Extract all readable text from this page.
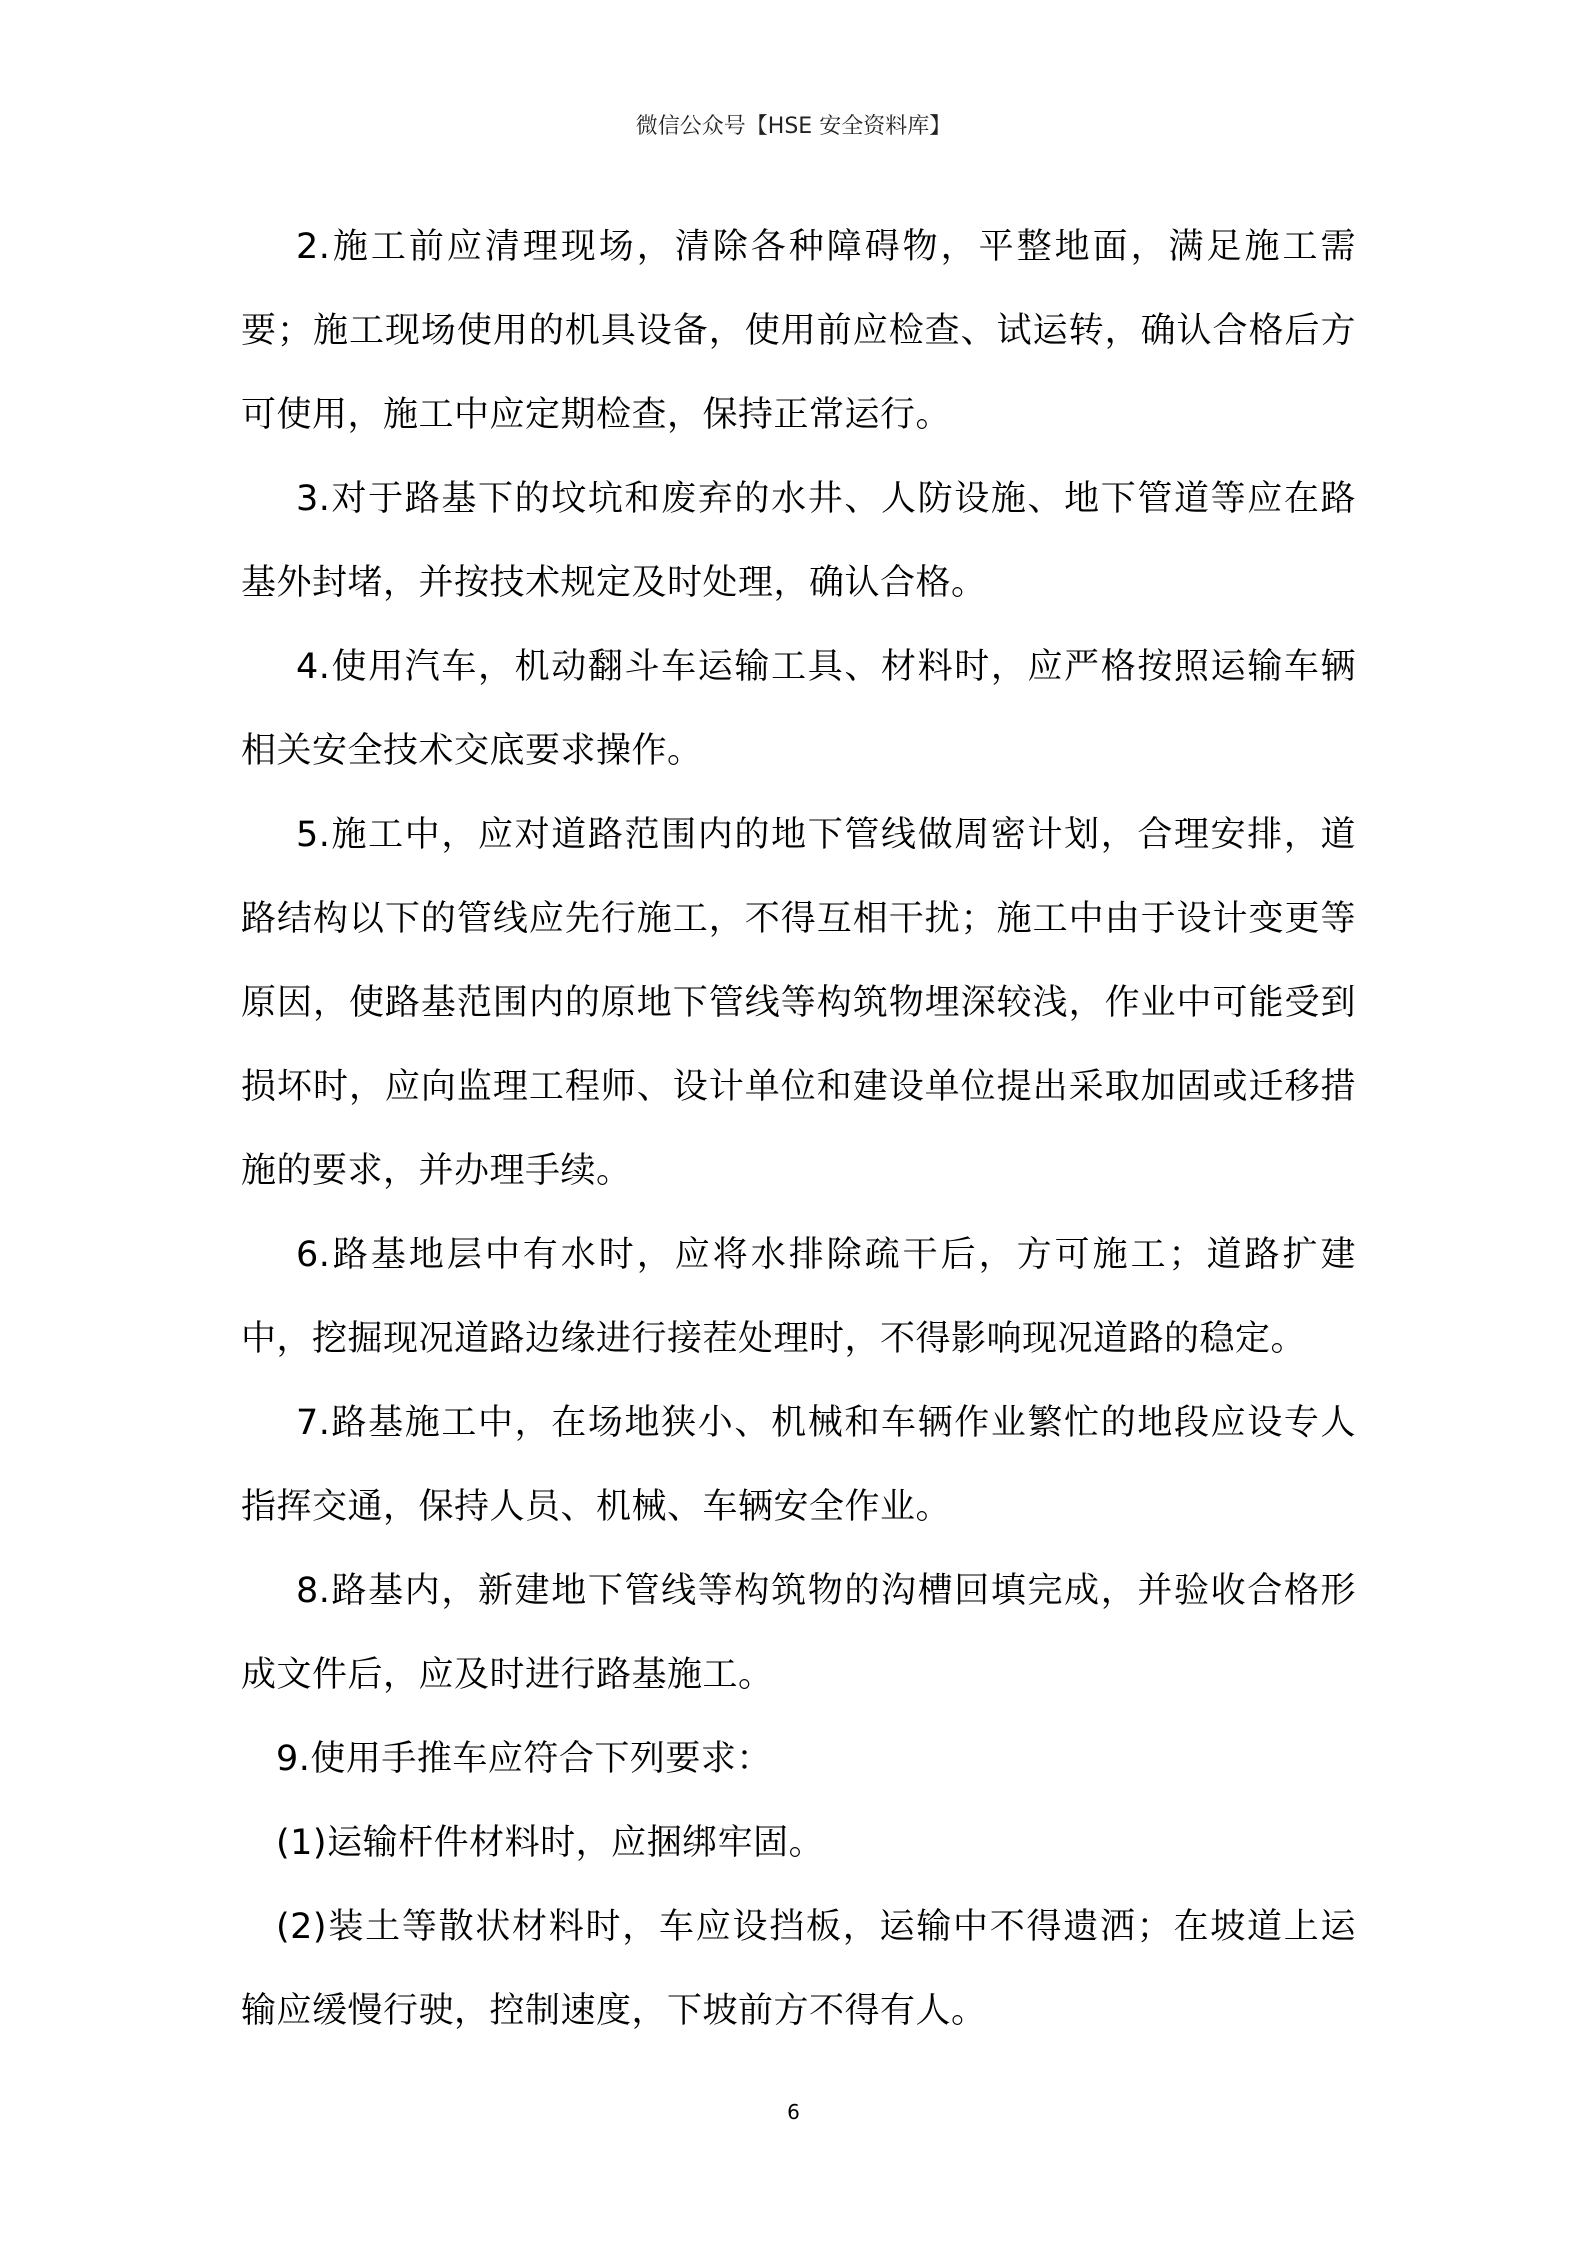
微信公众号【HSE 安全资料库】

2.施工前应清理现场，清除各种障碍物，平整地面，满足施工需要；施工现场使用的机具设备，使用前应检查、试运转，确认合格后方可使用，施工中应定期检查，保持正常运行。

3.对于路基下的坟坑和废弃的水井、人防设施、地下管道等应在路基外封堵，并按技术规定及时处理，确认合格。

4.使用汽车，机动翻斗车运输工具、材料时，应严格按照运输车辆相关安全技术交底要求操作。

5.施工中，应对道路范围内的地下管线做周密计划，合理安排，道路结构以下的管线应先行施工，不得互相干扰；施工中由于设计变更等原因，使路基范围内的原地下管线等构筑物埋深较浅，作业中可能受到损坏时，应向监理工程师、设计单位和建设单位提出采取加固或迁移措施的要求，并办理手续。

6.路基地层中有水时，应将水排除疏干后，方可施工；道路扩建中，挖掘现况道路边缘进行接茬处理时，不得影响现况道路的稳定。

7.路基施工中，在场地狭小、机械和车辆作业繁忙的地段应设专人指挥交通，保持人员、机械、车辆安全作业。

8.路基内，新建地下管线等构筑物的沟槽回填完成，并验收合格形成文件后，应及时进行路基施工。

9.使用手推车应符合下列要求：

(1)运输杆件材料时，应捆绑牢固。

(2)装土等散状材料时，车应设挡板，运输中不得遗洒；在坡道上运输应缓慢行驶，控制速度，下坡前方不得有人。

6
